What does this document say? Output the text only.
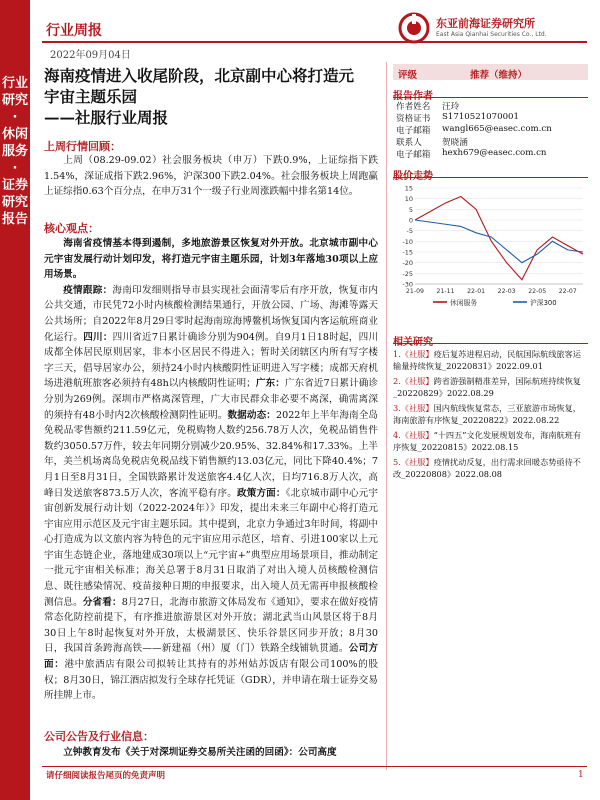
行业研究
·
休闲服务
·
证券研究报告
行业周报
2022年09月04日
东亚前海证券研究所
East Asia Qianhai Securities Co., Ltd.
海南疫情进入收尾阶段，北京副中心将打造元
宇宙主题乐园
——社服行业周报
上周行情回顾：

上周（08.29-09.02）社会服务板块（申万）下跌0.9%，上证综指下跌1.54%，深证成指下跌2.96%，沪深300下跌2.04%。社会服务板块上周跑赢上证综指0.63个百分点，在申万31个一级子行业周涨跌幅中排名第14位。

核心观点：

海南省疫情基本得到遏制，多地旅游景区恢复对外开放。北京城市副中心元宇宙发展行动计划印发，将打造元宇宙主题乐园，计划3年落地30项以上应用场景。

疫情跟踪：海南印发细则指导市县实现社会面清零后有序开放，恢复市内公共交通，市民凭72小时内核酸检测结果通行，开放公园、广场、海滩等露天公共场所；自2022年8月29日零时起海南琼海博鳌机场恢复国内客运航班商业化运行。四川：四川省近7日累计确诊分别为904例。自9月1日18时起，四川成都全体居民原则居家，非本小区居民不得进入；暂时关闭辖区内所有写字楼字三天，倡导居家办公，须持24小时内核酸阴性证明进入写字楼；成都天府机场进港航班旅客必须持有48h以内核酸阴性证明；广东：广东省近7日累计确诊分别为269例。深圳市严格离深管理，广大市民群众非必要不离深，确需离深的须持有48小时内2次核酸检测阴性证明。数据动态：2022年上半年海南全岛免税品零售额约211.59亿元，免税购物人数约256.78万人次，免税品销售件数约3050.57万件，较去年同期分别减少20.95%、32.84%和17.33%。上半年，美兰机场离岛免税店免税品线下销售额约13.03亿元，同比下降40.4%；7月1日至8月31日，全国铁路累计发送旅客4.4亿人次，日均716.8万人次，高峰日发送旅客873.5万人次，客流平稳有序。政策方面：《北京城市副中心元宇宙创新发展行动计划（2022-2024年）》印发，提出未来三年副中心将打造元宇宙应用示范区及元宇宙主题乐园。其中提到，北京力争通过3年时间，将副中心打造成为以文旅内容为特色的元宇宙应用示范区，培育、引进100家以上元宇宙生态链企业，落地建成30项以上“元宇宙+”典型应用场景项目，推动制定一批元宇宙相关标准；海关总署于8月31日取消了对出入境人员核酸检测信息、既往感染情况、疫苗接种日期的申报要求，出入境人员无需再申报核酸检测信息。分省看：8月27日，北海市旅游文体局发布《通知》，要求在做好疫情常态化防控前提下，有序推进旅游景区对外开放；湖北武当山风景区将于8月30日上午8时起恢复对外开放，太极湖景区、快乐谷景区同步开放；8月30日，我国首条跨海高铁——新建福（州）厦（门）铁路全线铺轨贯通。公司方面：港中旅酒店有限公司拟转让其持有的苏州姑苏饭店有限公司100%的股权；8月30日，锦江酒店拟发行全球存托凭证（GDR），并申请在瑞士证券交易所挂牌上市。

公司公告及行业信息：

立钟教育发布《关于对深圳证券交易所关注函的回函》：公司高度

评级	推荐（维持）
作者姓名 汪玲
资格证书 S1710521070001
电子邮箱 wangl665@easec.com.cn
联系人 贺晓涵
电子邮箱 hexh679@easec.com.cn
15
10
5
0
-5
-10
-15
-20
-25
-30
21-09 21-11 22-01 22-03 22-05 22-07
休闲服务	沪深300
1.《社服】疫后复苏进程启动，民航国际航线旅客运输量持续恢复_20220831》2022.09.01
2.《社服】跨省游强制精准差异，国际航班持续恢复_20220829》2022.08.29
3.《社服】国内航线恢复常态，三亚旅游市场恢复，海南旅游有序恢复_20220822》2022.08.22
4.《社服】“十四五”文化发展规划发布，海南航班有序恢复_20220815》2022.08.15
5.《社服】疫情扰动反复，出行需求回暖态势亟待不改_20220808》2022.08.08
请仔细阅读报告尾页的免责声明	1
